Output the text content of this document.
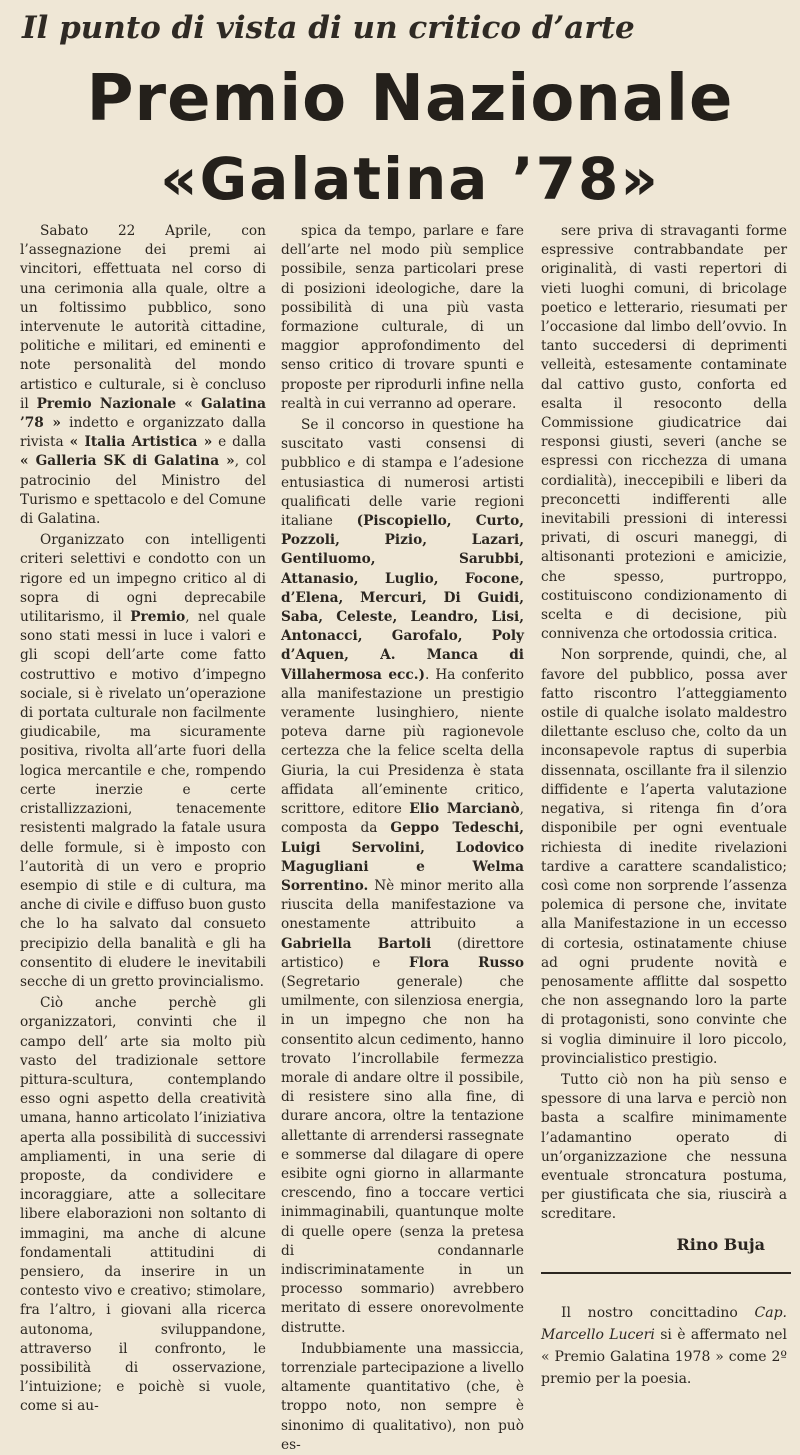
Il punto di vista di un critico d’arte
Premio Nazionale
«Galatina ’78»

Sabato 22 Aprile, con l’assegnazione dei premi ai vincitori, effettuata nel corso di una cerimonia alla quale, oltre a un foltissimo pubblico, sono intervenute le autorità cittadine, politiche e militari, ed eminenti e note personalità del mondo artistico e culturale, si è concluso il Premio Nazionale « Galatina ’78 » indetto e organizzato dalla rivista « Italia Artistica » e dalla « Galleria SK di Galatina », col patrocinio del Ministro del Turismo e spettacolo e del Comune di Galatina.

Organizzato con intelligenti criteri selettivi e condotto con un rigore ed un impegno critico al di sopra di ogni deprecabile utilitarismo, il Premio, nel quale sono stati messi in luce i valori e gli scopi dell’arte come fatto costruttivo e motivo d’impegno sociale, si è rivelato un’operazione di portata culturale non facilmente giudicabile, ma sicuramente positiva, rivolta all’arte fuori della logica mercantile e che, rompendo certe inerzie e certe cristallizzazioni, tenacemente resistenti malgrado la fatale usura delle formule, si è imposto con l’autorità di un vero e proprio esempio di stile e di cultura, ma anche di civile e diffuso buon gusto che lo ha salvato dal consueto precipizio della banalità e gli ha consentito di eludere le inevitabili secche di un gretto provincialismo.

Ciò anche perchè gli organizzatori, convinti che il campo dell’ arte sia molto più vasto del tradizionale settore pittura-scultura, contemplando esso ogni aspetto della creatività umana, hanno articolato l’iniziativa aperta alla possibilità di successivi ampliamenti, in una serie di proposte, da condividere e incoraggiare, atte a sollecitare libere elaborazioni non soltanto di immagini, ma anche di alcune fondamentali attitudini di pensiero, da inserire in un contesto vivo e creativo; stimolare, fra l’altro, i giovani alla ricerca autonoma, sviluppandone, attraverso il confronto, le possibilità di osservazione, l’intuizione; e poichè si vuole, come si au-

spica da tempo, parlare e fare dell’arte nel modo più semplice possibile, senza particolari prese di posizioni ideologiche, dare la possibilità di una più vasta formazione culturale, di un maggior approfondimento del senso critico di trovare spunti e proposte per riprodurli infine nella realtà in cui verranno ad operare.

Se il concorso in questione ha suscitato vasti consensi di pubblico e di stampa e l’adesione entusiastica di numerosi artisti qualificati delle varie regioni italiane (Piscopiello, Curto, Pozzoli, Pizio, Lazari, Gentiluomo, Sarubbi, Attanasio, Luglio, Focone, d’Elena, Mercuri, Di Guidi, Saba, Celeste, Leandro, Lisi, Antonacci, Garofalo, Poly d’Aquen, A. Manca di Villahermosa ecc.). Ha conferito alla manifestazione un prestigio veramente lusinghiero, niente poteva darne più ragionevole certezza che la felice scelta della Giuria, la cui Presidenza è stata affidata all’eminente critico, scrittore, editore Elio Marcianò, composta da Geppo Tedeschi, Luigi Servolini, Lodovico Magugliani e Welma Sorrentino. Nè minor merito alla riuscita della manifestazione va onestamente attribuito a Gabriella Bartoli (direttore artistico) e Flora Russo (Segretario generale) che umilmente, con silenziosa energia, in un impegno che non ha consentito alcun cedimento, hanno trovato l’incrollabile fermezza morale di andare oltre il possibile, di resistere sino alla fine, di durare ancora, oltre la tentazione allettante di arrendersi rassegnate e sommerse dal dilagare di opere esibite ogni giorno in allarmante crescendo, fino a toccare vertici inimmaginabili, quantunque molte di quelle opere (senza la pretesa di condannarle indiscriminatamente in un processo sommario) avrebbero meritato di essere onorevolmente distrutte.

Indubbiamente una massiccia, torrenziale partecipazione a livello altamente quantitativo (che, è troppo noto, non sempre è sinonimo di qualitativo), non può es-

sere priva di stravaganti forme espressive contrabbandate per originalità, di vasti repertori di vieti luoghi comuni, di bricolage poetico e letterario, riesumati per l’occasione dal limbo dell’ovvio. In tanto succedersi di deprimenti velleità, estesamente contaminate dal cattivo gusto, conforta ed esalta il resoconto della Commissione giudicatrice dai responsi giusti, severi (anche se espressi con ricchezza di umana cordialità), ineccepibili e liberi da preconcetti indifferenti alle inevitabili pressioni di interessi privati, di oscuri maneggi, di altisonanti protezioni e amicizie, che spesso, purtroppo, costituiscono condizionamento di scelta e di decisione, più connivenza che ortodossia critica.

Non sorprende, quindi, che, al favore del pubblico, possa aver fatto riscontro l’atteggiamento ostile di qualche isolato maldestro dilettante escluso che, colto da un inconsapevole raptus di superbia dissennata, oscillante fra il silenzio diffidente e l’aperta valutazione negativa, si ritenga fin d’ora disponibile per ogni eventuale richiesta di inedite rivelazioni tardive a carattere scandalistico; così come non sorprende l’assenza polemica di persone che, invitate alla Manifestazione in un eccesso di cortesia, ostinatamente chiuse ad ogni prudente novità e penosamente afflitte dal sospetto che non assegnando loro la parte di protagonisti, sono convinte che si voglia diminuire il loro piccolo, provincialistico prestigio.

Tutto ciò non ha più senso e spessore di una larva e perciò non basta a scalfire minimamente l’adamantino operato di un’organizzazione che nessuna eventuale stroncatura postuma, per giustificata che sia, riuscirà a screditare.

Rino Buja

Il nostro concittadino Cap. Marcello Luceri si è affermato nel « Premio Galatina 1978 » come 2º premio per la poesia.
